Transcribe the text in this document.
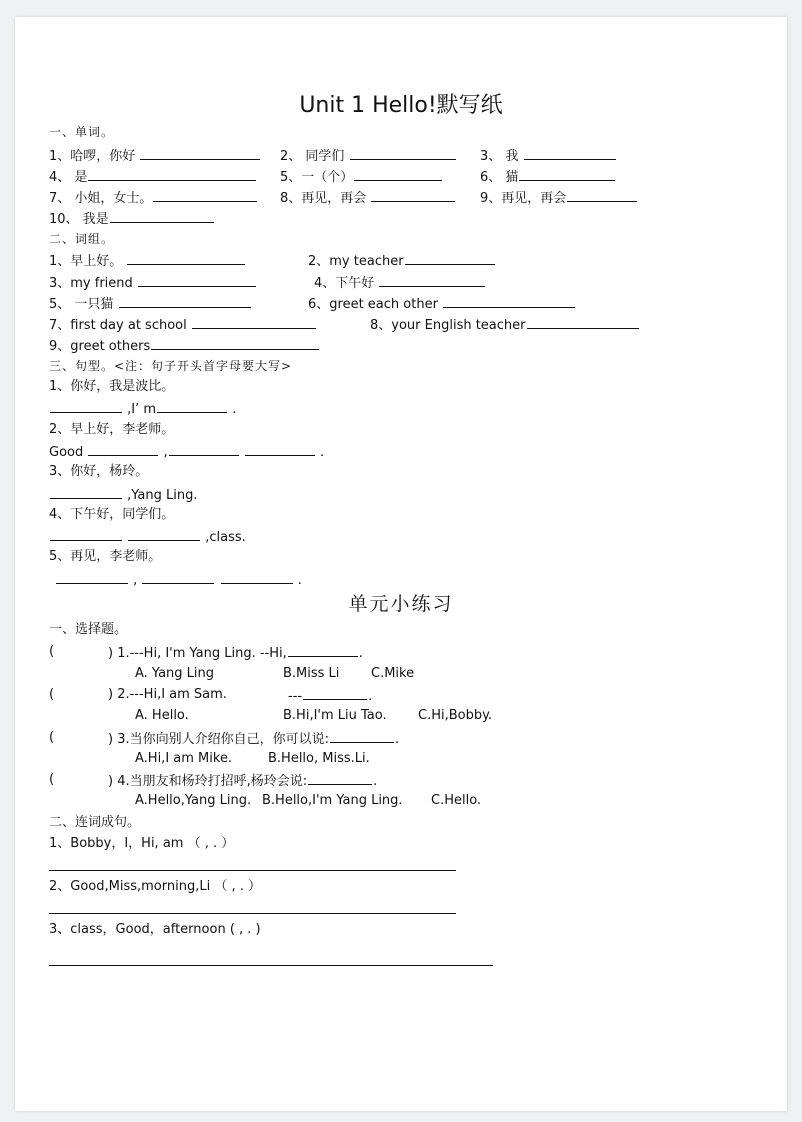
Unit 1 Hello!默写纸
一、单词。
1、哈啰，你好	2、 同学们	3、 我
4、 是	5、一（个）	6、 猫
7、 小姐，女士。	8、再见，再会	9、再见，再会
10、 我是
二、词组。
1、早上好。	2、my teacher
3、my friend	4、下午好
5、 一只猫	6、greet each other
7、first day at school	8、your English teacher
9、greet others
三、句型。<注：句子开头首字母要大写>
1、你好，我是波比。
,I’ m	.
2、早上好，李老师。
Good	,	.
3、你好，杨玲。
,Yang Ling.
4、下午好，同学们。
,class.
5、再见，李老师。
,	.
单元小练习
一、选择题。
(	) 1.---Hi, I'm Yang Ling. --Hi,	.
A. Yang Ling	B.Miss Li C.Mike
(	) 2.---Hi,I am Sam.	---	.
A. Hello.	B.Hi,I'm Liu Tao. C.Hi,Bobby.
(	) 3.当你向别人介绍你自己，你可以说:	.
A.Hi,I am Mike.	B.Hello, Miss.Li.
(	) 4.当朋友和杨玲打招呼,杨玲会说:	.
A.Hello,Yang Ling. B.Hello,I'm Yang Ling. C.Hello.
二、连词成句。
1、Bobby，I，Hi, am （ , . ）
2、Good,Miss,morning,Li （ , . ）
3、class，Good，afternoon ( , . )
